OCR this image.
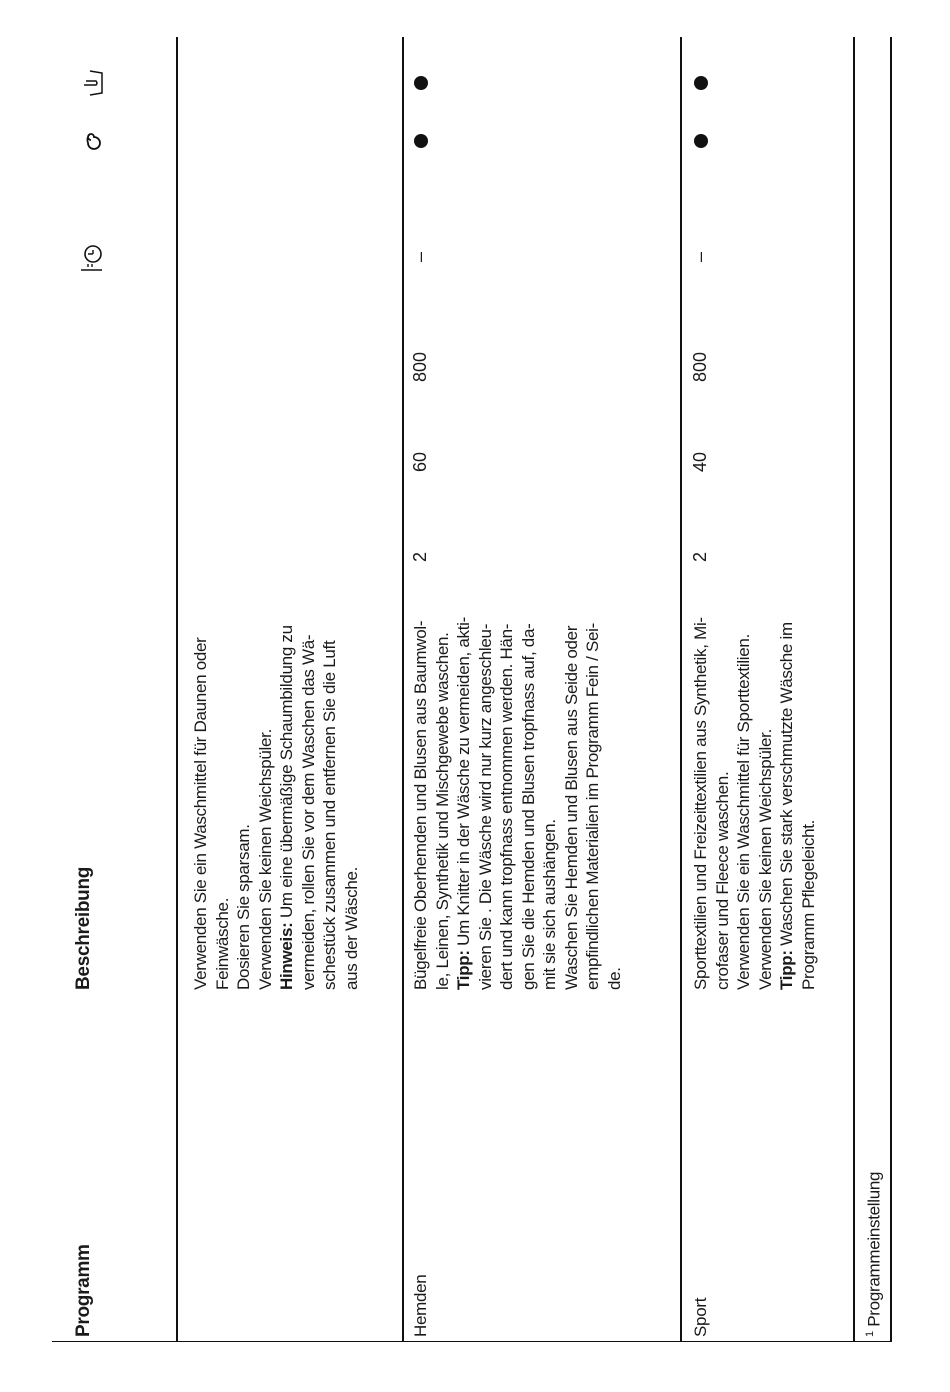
Programm
Beschreibung	Verwenden Sie ein Waschmittel für Daunen oder Feinwäsche. Dosieren Sie sparsam. Verwenden Sie keinen Weichspüler. Hinweis: Um eine übermäßige Schaumbildung zu vermeiden, rollen Sie vor dem Waschen das Wä- schestück zusammen und entfernen Sie die Luft aus der Wäsche.

Hemden

Bügelfreie Oberhemden und Blusen aus Baumwol- le, Leinen, Synthetik und Mischgewebe waschen. Tipp: Um Knitter in der Wäsche zu vermeiden, akti- vieren Sie . Die Wäsche wird nur kurz angeschleu- dert und kann tropfnass entnommen werden. Hän- gen Sie die Hemden und Blusen tropfnass auf, da- mit sie sich aushängen. Waschen Sie Hemden und Blusen aus Seide oder empfindlichen Materialien im Programm Fein / Sei- de.

2
60
800
–
Sport

Sporttextilien und Freizeittextilien aus Synthetik, Mi- crofaser und Fleece waschen. Verwenden Sie ein Waschmittel für Sporttextilien. Verwenden Sie keinen Weichspüler. Tipp: Waschen Sie stark verschmutzte Wäsche im Programm Pflegeleicht.

2
40
800
–
$^1$ Programmeinstellung
